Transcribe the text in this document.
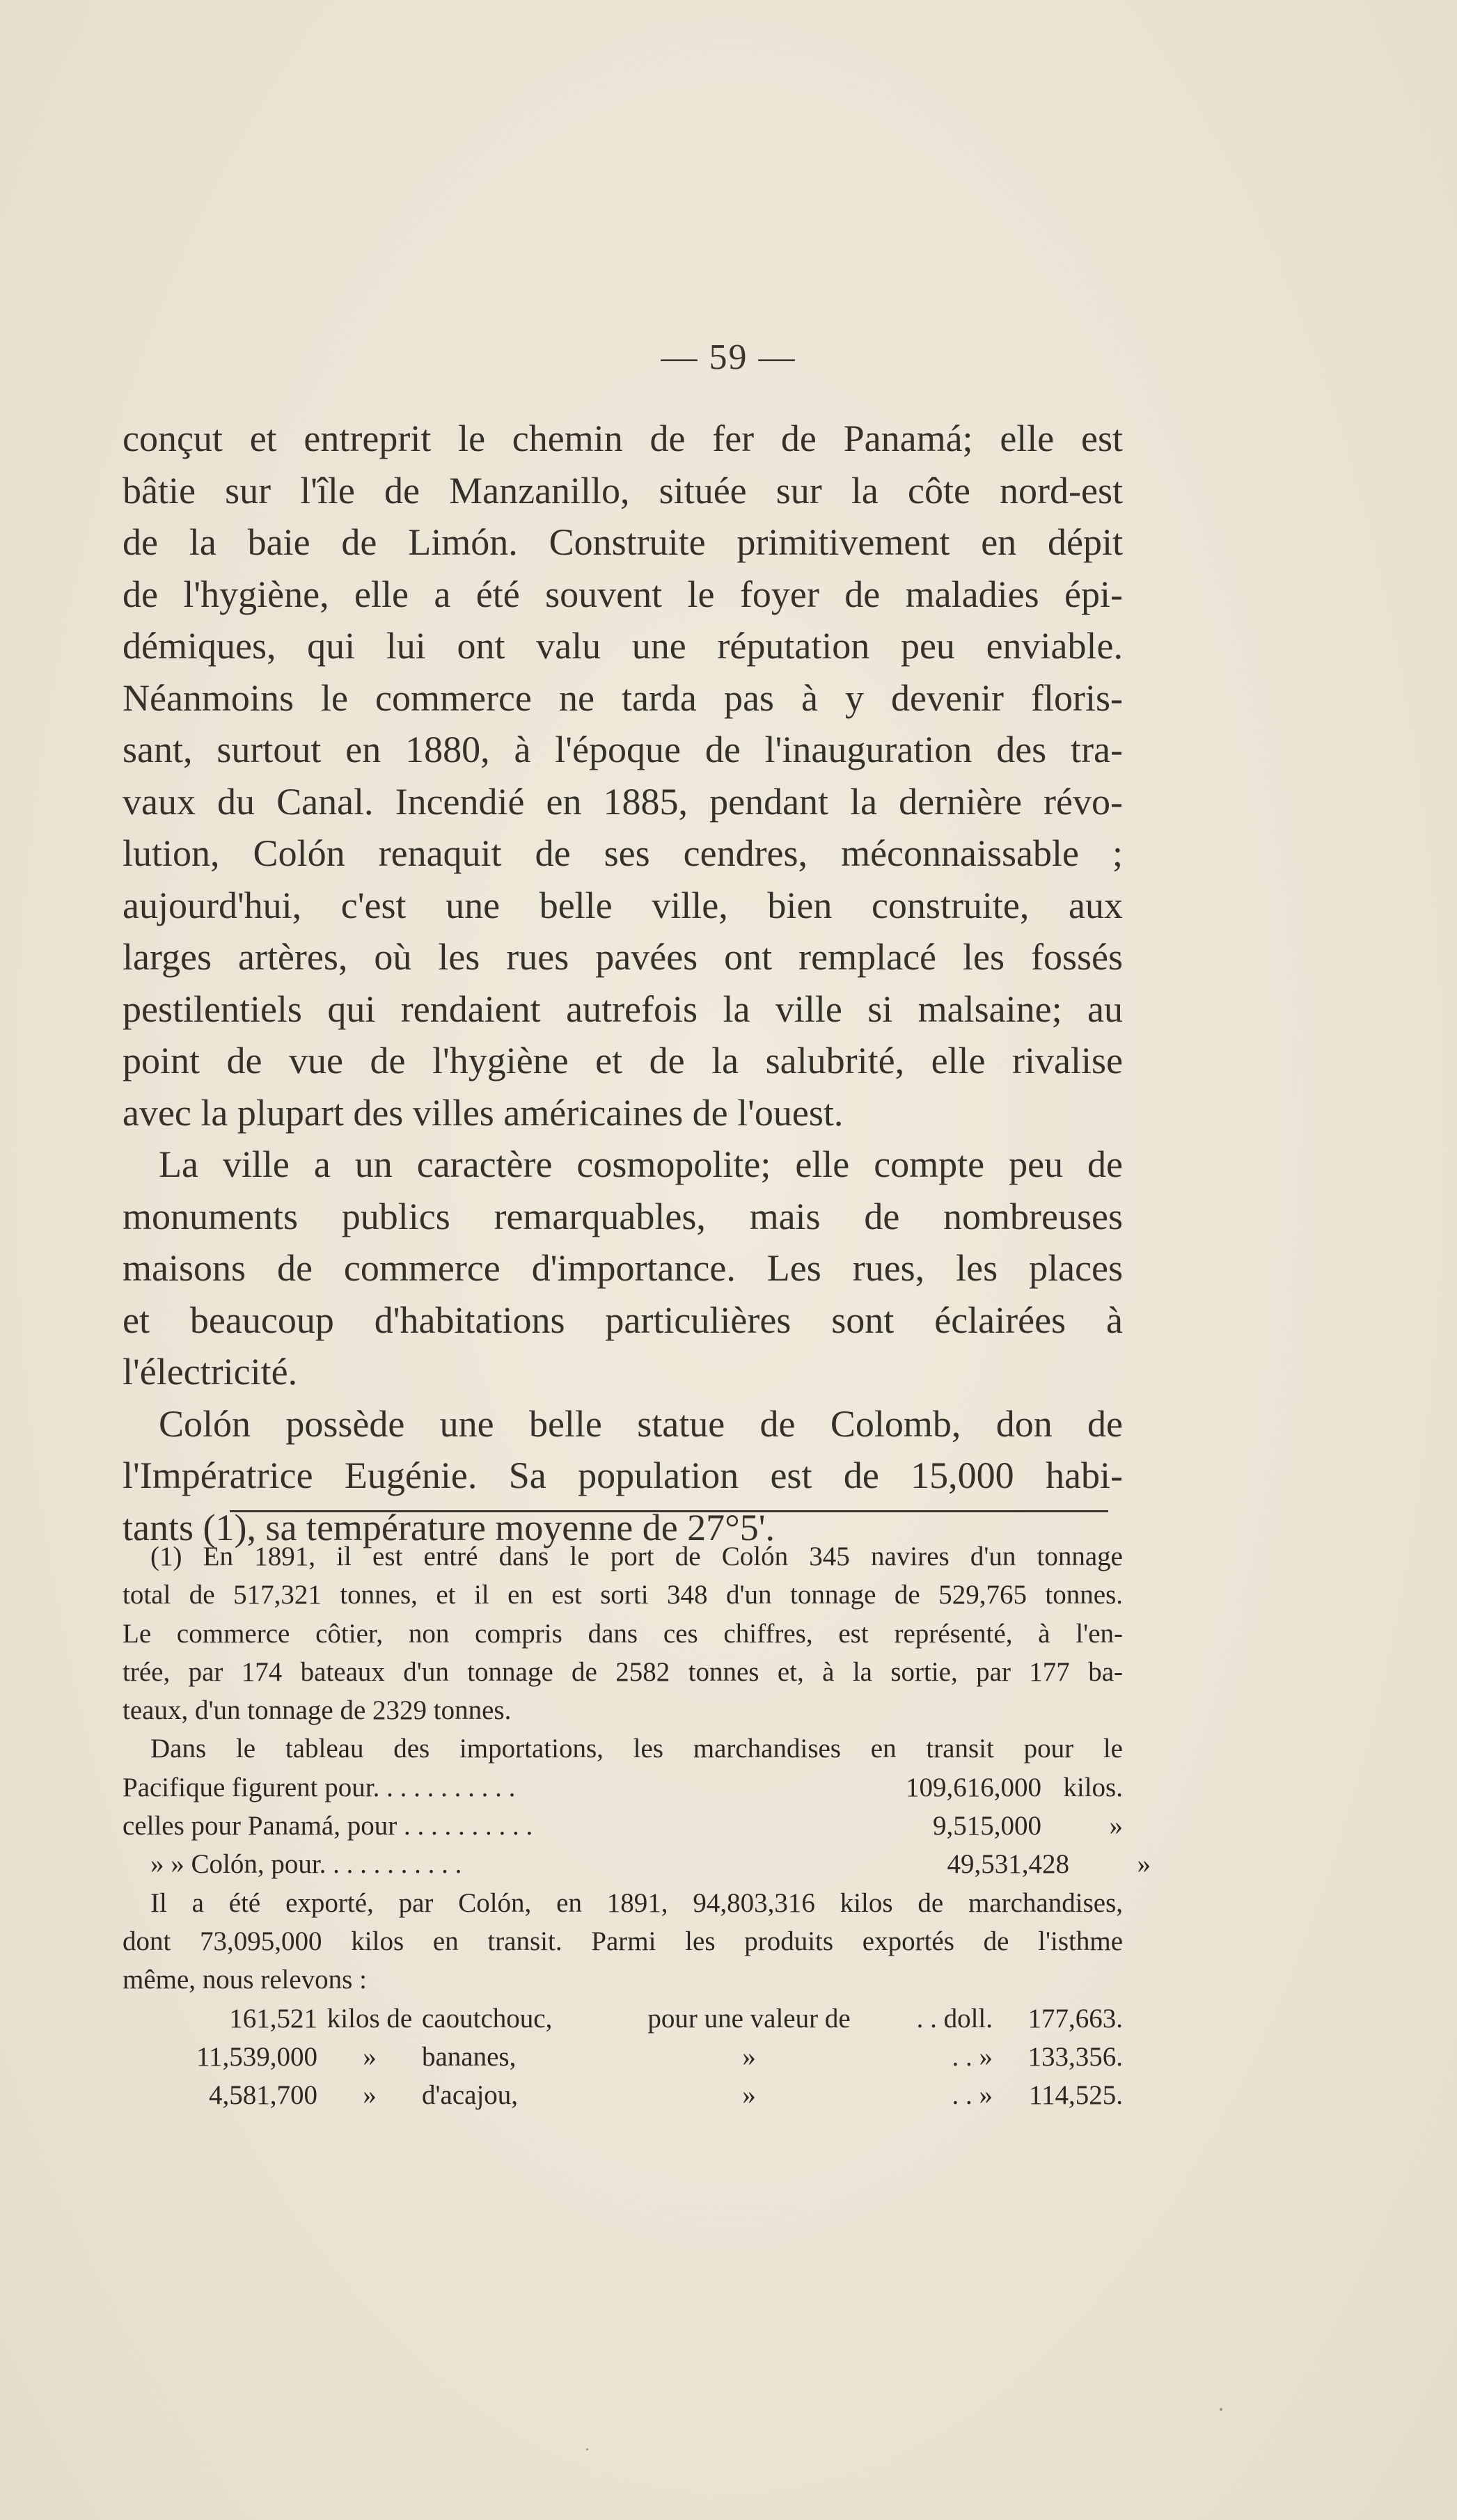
— 59 —
conçut et entreprit le chemin de fer de Panamá; elle est
bâtie sur l'île de Manzanillo, située sur la côte nord-est
de la baie de Limón. Construite primitivement en dépit
de l'hygiène, elle a été souvent le foyer de maladies épi-
démiques, qui lui ont valu une réputation peu enviable.
Néanmoins le commerce ne tarda pas à y devenir floris-
sant, surtout en 1880, à l'époque de l'inauguration des tra-
vaux du Canal. Incendié en 1885, pendant la dernière révo-
lution, Colón renaquit de ses cendres, méconnaissable ;
aujourd'hui, c'est une belle ville, bien construite, aux
larges artères, où les rues pavées ont remplacé les fossés
pestilentiels qui rendaient autrefois la ville si malsaine; au
point de vue de l'hygiène et de la salubrité, elle rivalise
avec la plupart des villes américaines de l'ouest.
La ville a un caractère cosmopolite; elle compte peu de
monuments publics remarquables, mais de nombreuses
maisons de commerce d'importance. Les rues, les places
et beaucoup d'habitations particulières sont éclairées à
l'électricité.
Colón possède une belle statue de Colomb, don de
l'Impératrice Eugénie. Sa population est de 15,000 habi-
tants (1), sa température moyenne de 27°5'.
(1) En 1891, il est entré dans le port de Colón 345 navires d'un tonnage
total de 517,321 tonnes, et il en est sorti 348 d'un tonnage de 529,765 tonnes.
Le commerce côtier, non compris dans ces chiffres, est représenté, à l'en-
trée, par 174 bateaux d'un tonnage de 2582 tonnes et, à la sortie, par 177 ba-
teaux, d'un tonnage de 2329 tonnes.
Dans le tableau des importations, les marchandises en transit pour le
Pacifique figurent pour. . . . . . . . . . .	109,616,000 kilos.
celles pour Panamá, pour . . . . . . . . . .	9,515,000	»
» » Colón, pour. . . . . . . . . . .	49,531,428	»
Il a été exporté, par Colón, en 1891, 94,803,316 kilos de marchandises,
dont 73,095,000 kilos en transit. Parmi les produits exportés de l'isthme
même, nous relevons :
161,521 kilos de caoutchouc,	pour une valeur de	. . doll.	177,663.
11,539,000	»	bananes,	»	. . »	133,356.
4,581,700	»	d'acajou,	»	. . »	114,525.
